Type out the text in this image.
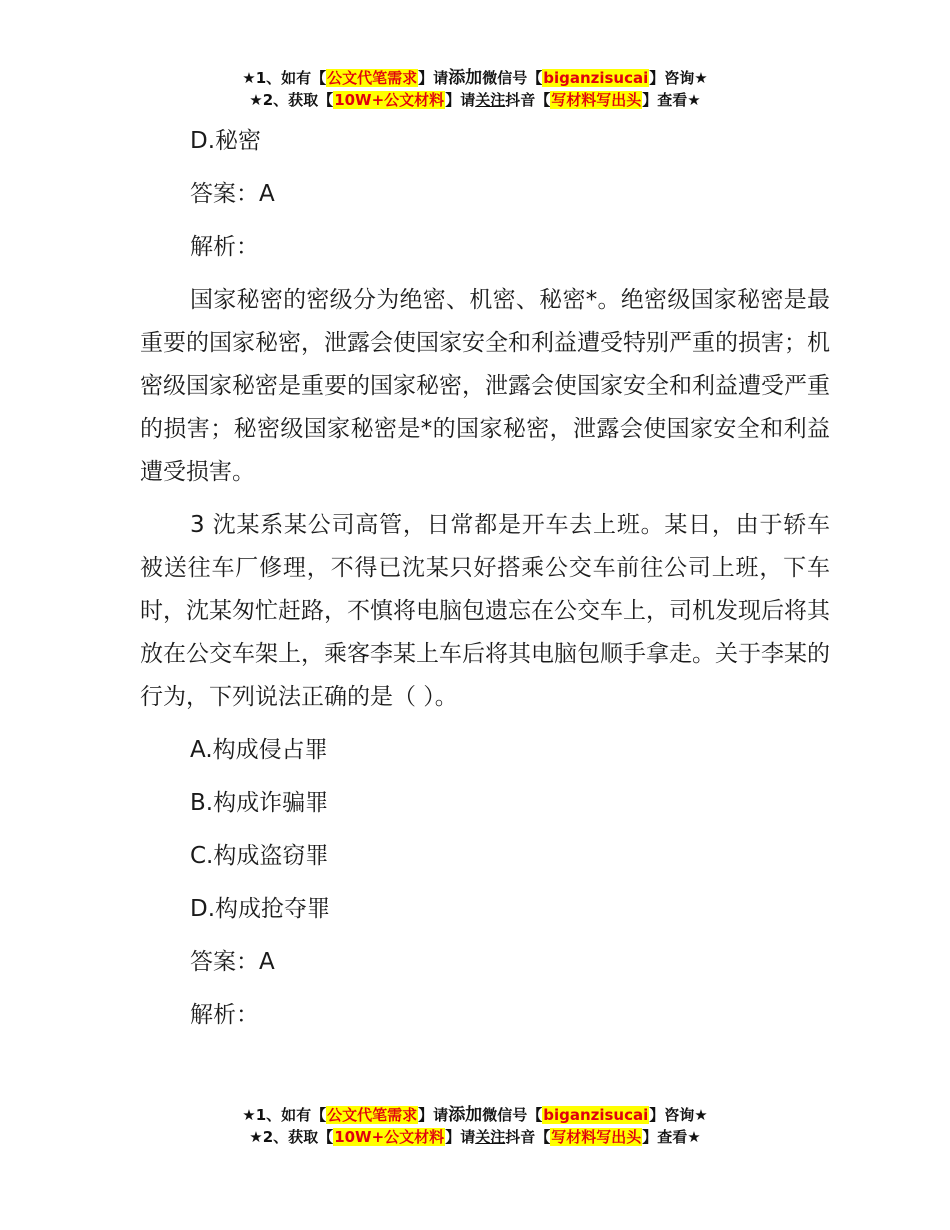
★1、如有【公文代笔需求】请添加微信号【biganzisucai】咨询★
★2、获取【10W+公文材料】请关注抖音【写材料写出头】查看★

D.秘密

答案：A

解析：

国家秘密的密级分为绝密、机密、秘密*。绝密级国家秘密是最重要的国家秘密，泄露会使国家安全和利益遭受特别严重的损害；机密级国家秘密是重要的国家秘密，泄露会使国家安全和利益遭受严重的损害；秘密级国家秘密是*的国家秘密，泄露会使国家安全和利益遭受损害。

3 沈某系某公司高管，日常都是开车去上班。某日，由于轿车被送往车厂修理，不得已沈某只好搭乘公交车前往公司上班，下车时，沈某匆忙赶路，不慎将电脑包遗忘在公交车上，司机发现后将其放在公交车架上，乘客李某上车后将其电脑包顺手拿走。关于李某的行为，下列说法正确的是（ ）。

A.构成侵占罪

B.构成诈骗罪

C.构成盗窃罪

D.构成抢夺罪

答案：A

解析：

★1、如有【公文代笔需求】请添加微信号【biganzisucai】咨询★
★2、获取【10W+公文材料】请关注抖音【写材料写出头】查看★
